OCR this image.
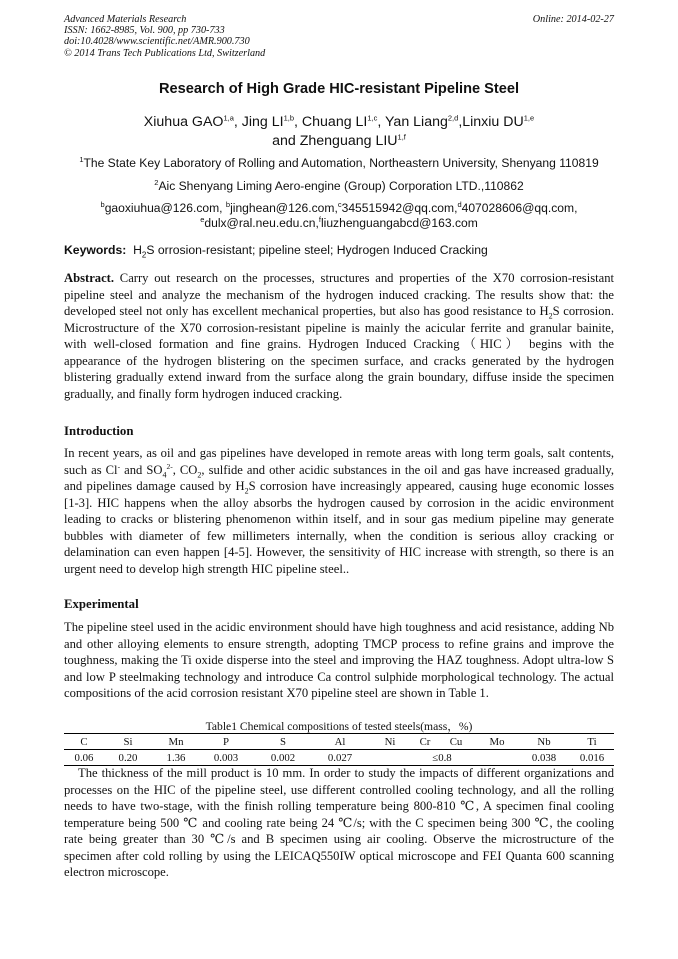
Advanced Materials Research
ISSN: 1662-8985, Vol. 900, pp 730-733
doi:10.4028/www.scientific.net/AMR.900.730
© 2014 Trans Tech Publications Ltd, Switzerland
Online: 2014-02-27
Research of High Grade HIC-resistant Pipeline Steel
Xiuhua GAO$^{1,a}$, Jing LI$^{1,b}$, Chuang LI$^{1,c}$, Yan Liang$^{2,d}$,Linxiu DU$^{1,e}$
and Zhenguang LIU$^{1,f}$
$^1$The State Key Laboratory of Rolling and Automation, Northeastern University, Shenyang 110819
$^2$Aic Shenyang Liming Aero-engine (Group) Corporation LTD.,110862
$^b$gaoxiuhua@126.com, $^b$jinghean@126.com,$^c$345515942@qq.com,$^d$407028606@qq.com,
$^e$dulx@ral.neu.edu.cn,$^f$liuzhenguangabcd@163.com
Keywords: $H_2S$ orrosion-resistant; pipeline steel; Hydrogen Induced Cracking
Abstract. Carry out research on the processes, structures and properties of the X70 corrosion-resistant pipeline steel and analyze the mechanism of the hydrogen induced cracking. The results show that: the developed steel not only has excellent mechanical properties, but also has good resistance to $H_2S$ corrosion. Microstructure of the X70 corrosion-resistant pipeline is mainly the acicular ferrite and granular bainite, with well-closed formation and fine grains. Hydrogen Induced Cracking（HIC） begins with the appearance of the hydrogen blistering on the specimen surface, and cracks generated by the hydrogen blistering gradually extend inward from the surface along the grain boundary, diffuse inside the specimen gradually, and finally form hydrogen induced cracking.
Introduction
In recent years, as oil and gas pipelines have developed in remote areas with long term goals, salt contents, such as Cl- and $SO_4^{2-}$, $CO_2$, sulfide and other acidic substances in the oil and gas have increased gradually, and pipelines damage caused by $H_2S$ corrosion have increasingly appeared, causing huge economic losses [1-3]. HIC happens when the alloy absorbs the hydrogen caused by corrosion in the acidic environment leading to cracks or blistering phenomenon within itself, and in sour gas medium pipeline may generate bubbles with diameter of few millimeters internally, when the condition is serious alloy cracking or delamination can even happen [4-5]. However, the sensitivity of HIC increase with strength, so there is an urgent need to develop high strength HIC pipeline steel..
Experimental
The pipeline steel used in the acidic environment should have high toughness and acid resistance, adding Nb and other alloying elements to ensure strength, adopting TMCP process to refine grains and improve the toughness, making the Ti oxide disperse into the steel and improving the HAZ toughness. Adopt ultra-low S and low P steelmaking technology and introduce Ca control sulphide morphological technology. The actual compositions of the acid corrosion resistant X70 pipeline steel are shown in Table 1.
Table1 Chemical compositions of tested steels(mass，%)
C	Si	Mn	P	S	Al	Ni	Cr	Cu	Mo	Nb	Ti
0.06	0.20	1.36	0.003	0.002	0.027	≤0.8				0.038	0.016
The thickness of the mill product is 10 mm. In order to study the impacts of different organizations and processes on the HIC of the pipeline steel, use different controlled cooling technology, and all the rolling needs to have two-stage, with the finish rolling temperature being 800-810 ℃, A specimen final cooling temperature being 500 ℃ and cooling rate being 24 ℃/s; with the C specimen being 300 ℃, the cooling rate being greater than 30 ℃/s and B specimen using air cooling. Observe the microstructure of the specimen after cold rolling by using the LEICAQ550IW optical microscope and FEI Quanta 600 scanning electron microscope.
